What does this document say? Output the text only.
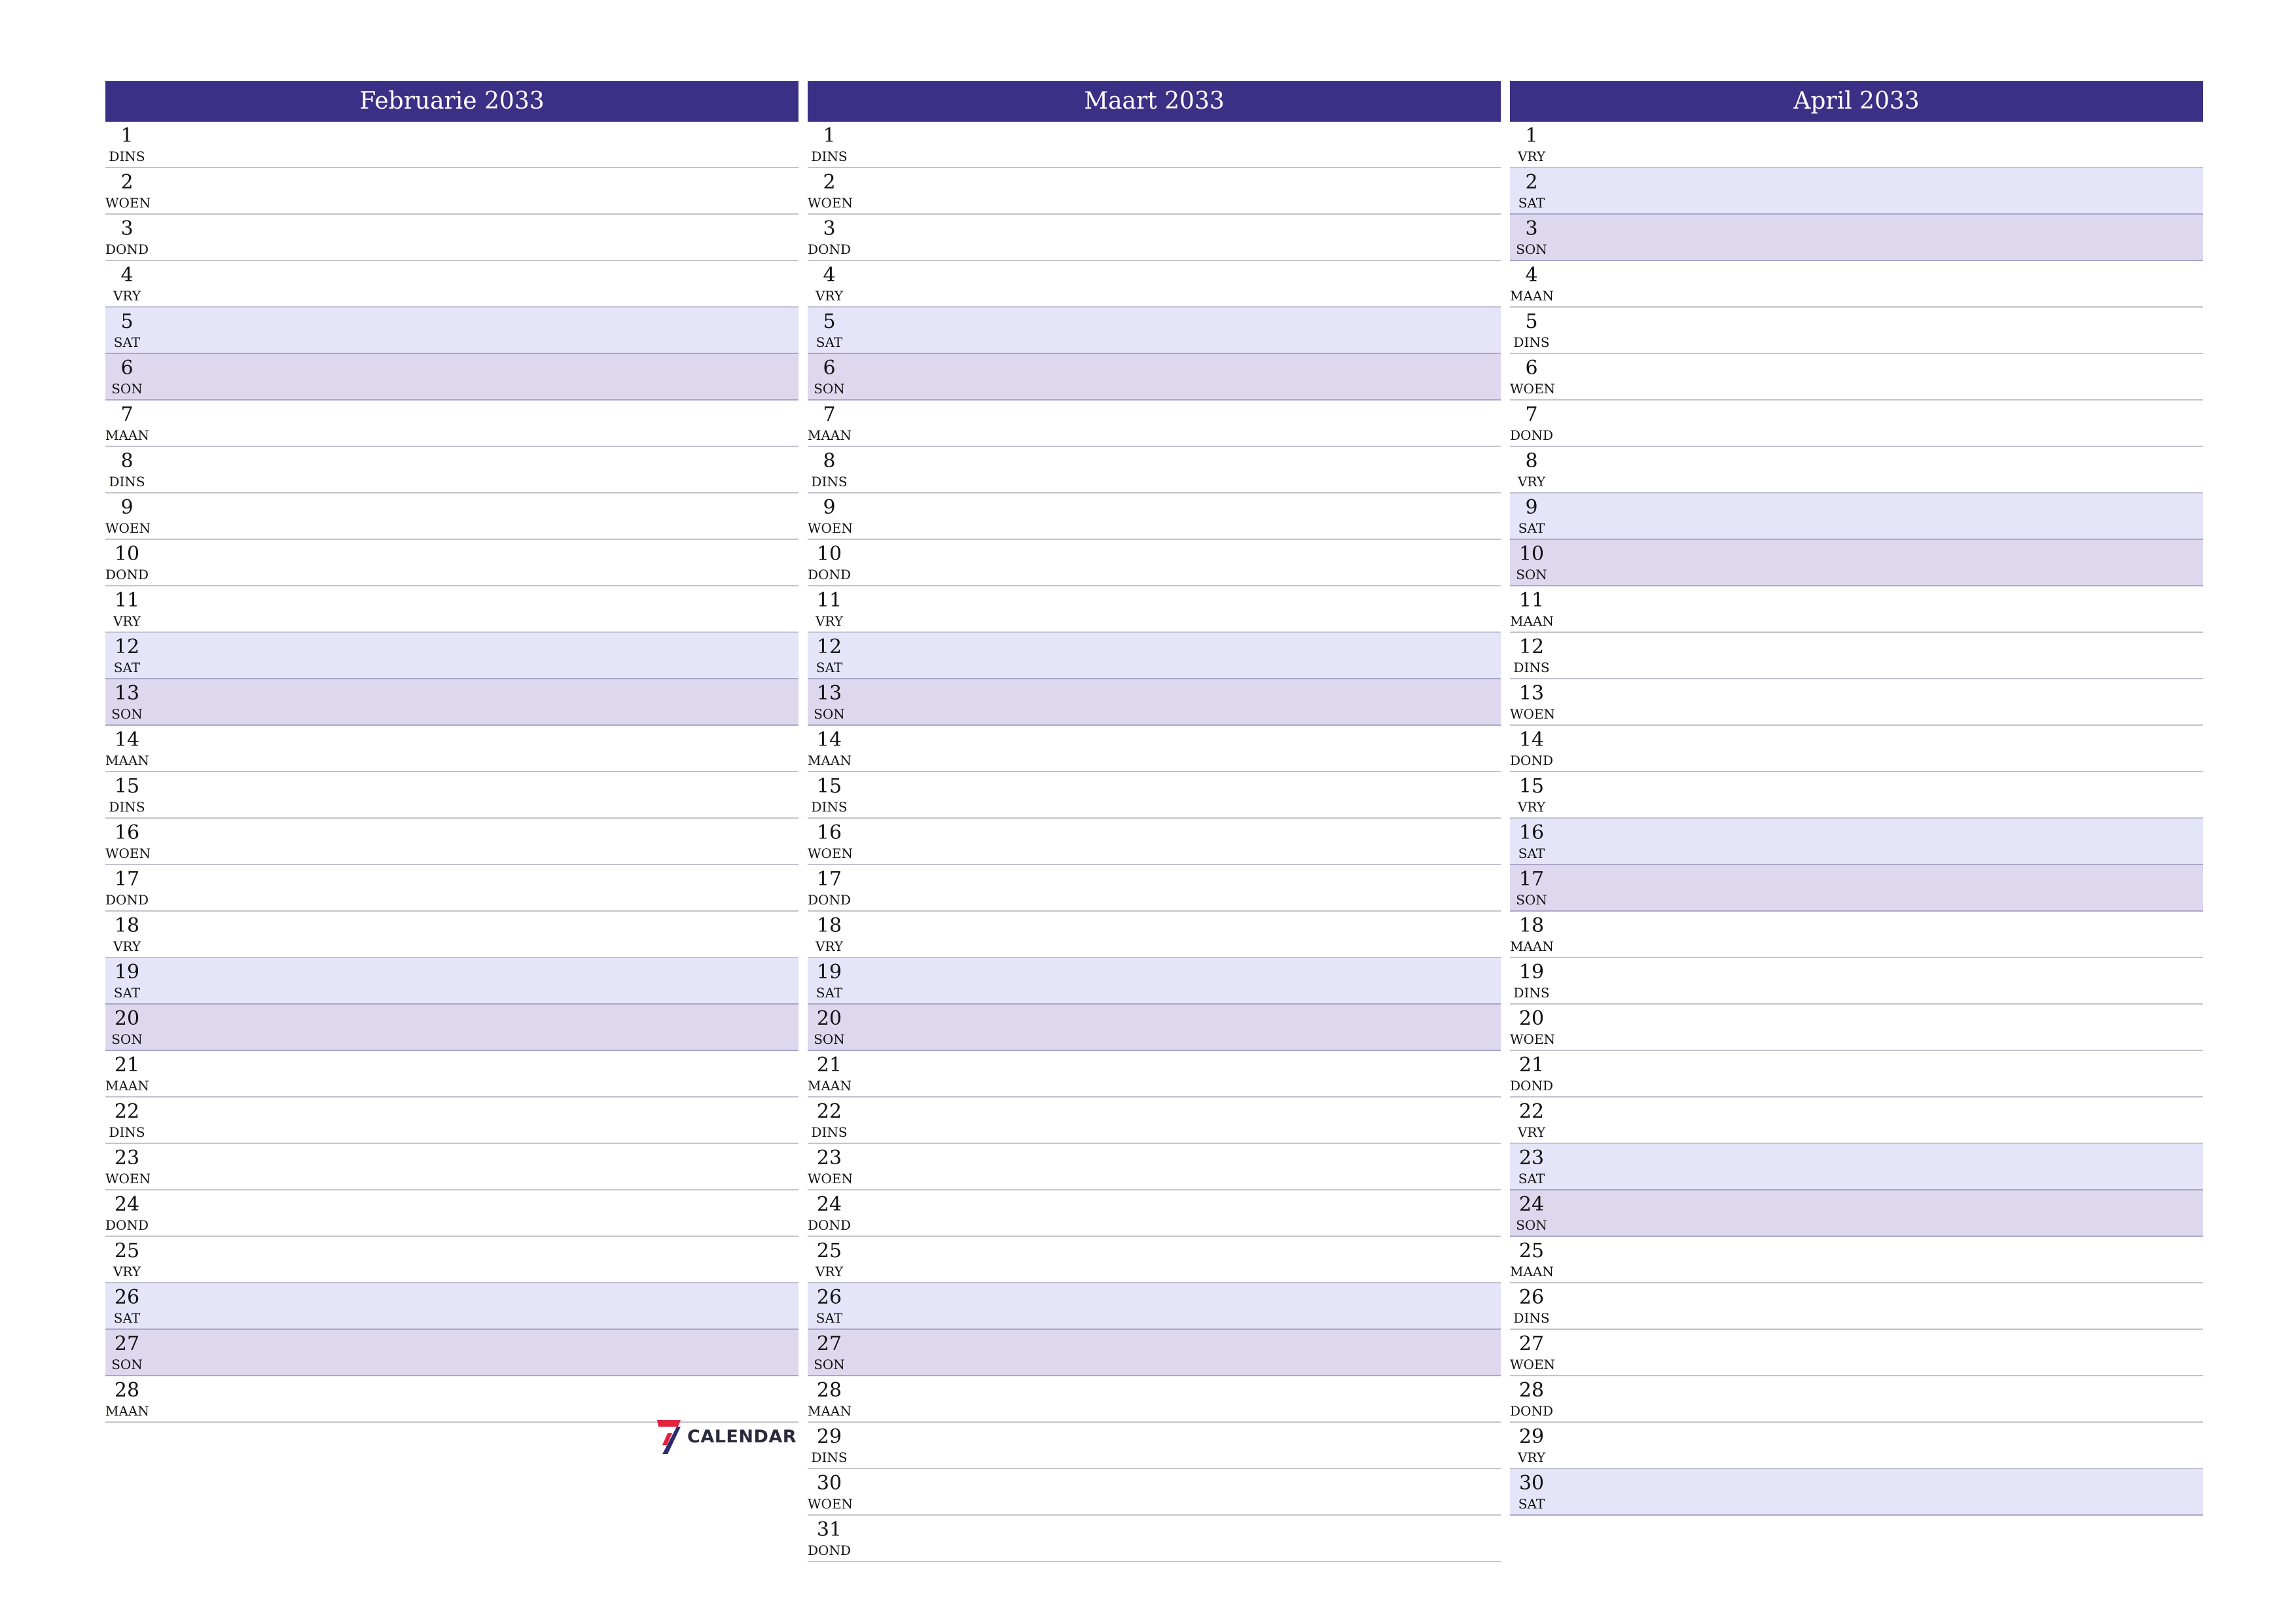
Februarie 2033
1
DINS
2
WOEN
3
DOND
4
VRY
5
SAT
6
SON
7
MAAN
8
DINS
9
WOEN
10
DOND
11
VRY
12
SAT
13
SON
14
MAAN
15
DINS
16
WOEN
17
DOND
18
VRY
19
SAT
20
SON
21
MAAN
22
DINS
23
WOEN
24
DOND
25
VRY
26
SAT
27
SON
28
MAAN
Maart 2033
1
DINS
2
WOEN
3
DOND
4
VRY
5
SAT
6
SON
7
MAAN
8
DINS
9
WOEN
10
DOND
11
VRY
12
SAT
13
SON
14
MAAN
15
DINS
16
WOEN
17
DOND
18
VRY
19
SAT
20
SON
21
MAAN
22
DINS
23
WOEN
24
DOND
25
VRY
26
SAT
27
SON
28
MAAN
29
DINS
30
WOEN
31
DOND
April 2033
1
VRY
2
SAT
3
SON
4
MAAN
5
DINS
6
WOEN
7
DOND
8
VRY
9
SAT
10
SON
11
MAAN
12
DINS
13
WOEN
14
DOND
15
VRY
16
SAT
17
SON
18
MAAN
19
DINS
20
WOEN
21
DOND
22
VRY
23
SAT
24
SON
25
MAAN
26
DINS
27
WOEN
28
DOND
29
VRY
30
SAT
CALENDAR
